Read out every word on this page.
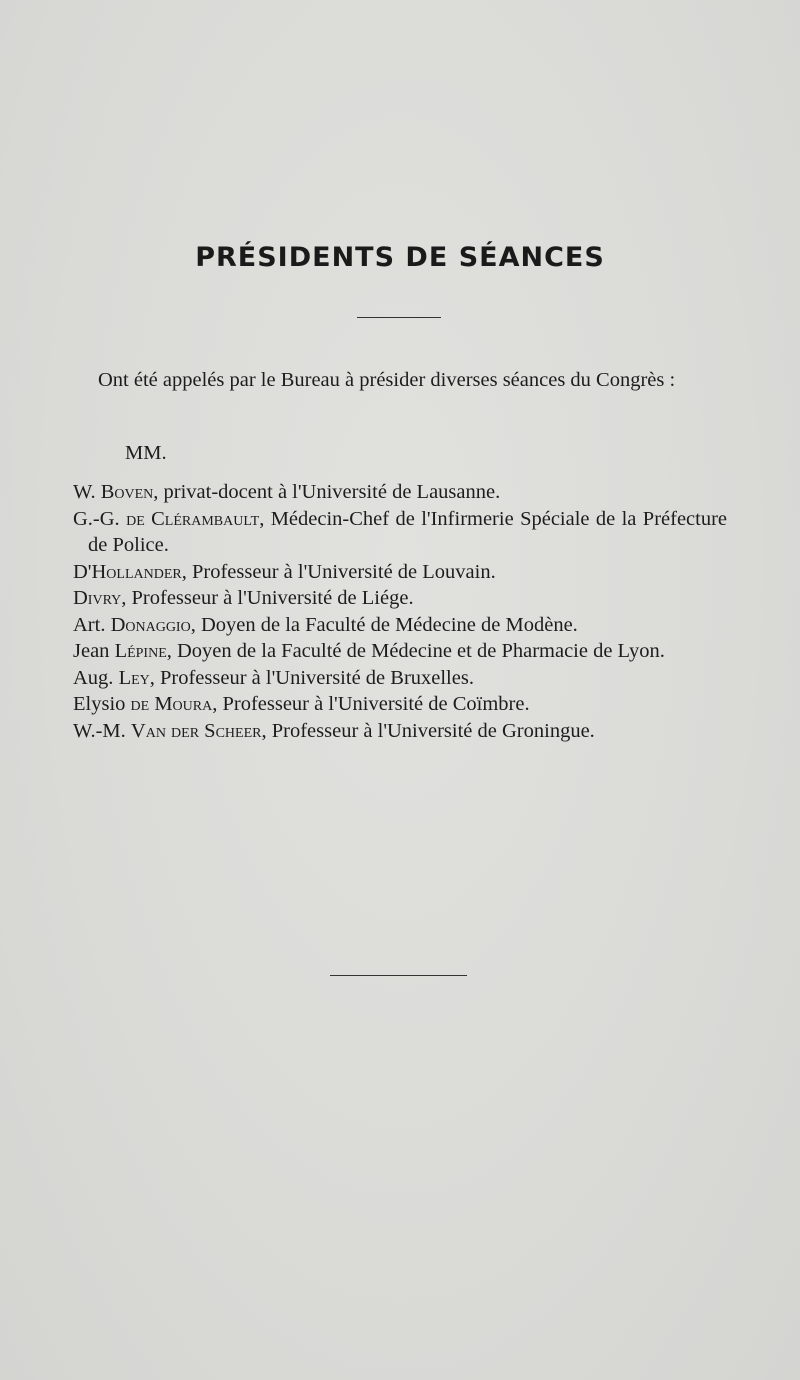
PRÉSIDENTS DE SÉANCES

Ont été appelés par le Bureau à présider diverses séances du Congrès :

MM.

W. Boven, privat-docent à l'Université de Lausanne.
G.-G. de Clérambault, Médecin-Chef de l'Infirmerie Spéciale de la Préfecture de Police.
D'Hollander, Professeur à l'Université de Louvain.
Divry, Professeur à l'Université de Liége.
Art. Donaggio, Doyen de la Faculté de Médecine de Modène.
Jean Lépine, Doyen de la Faculté de Médecine et de Pharmacie de Lyon.
Aug. Ley, Professeur à l'Université de Bruxelles.
Elysio de Moura, Professeur à l'Université de Coïmbre.
W.-M. Van der Scheer, Professeur à l'Université de Groningue.
